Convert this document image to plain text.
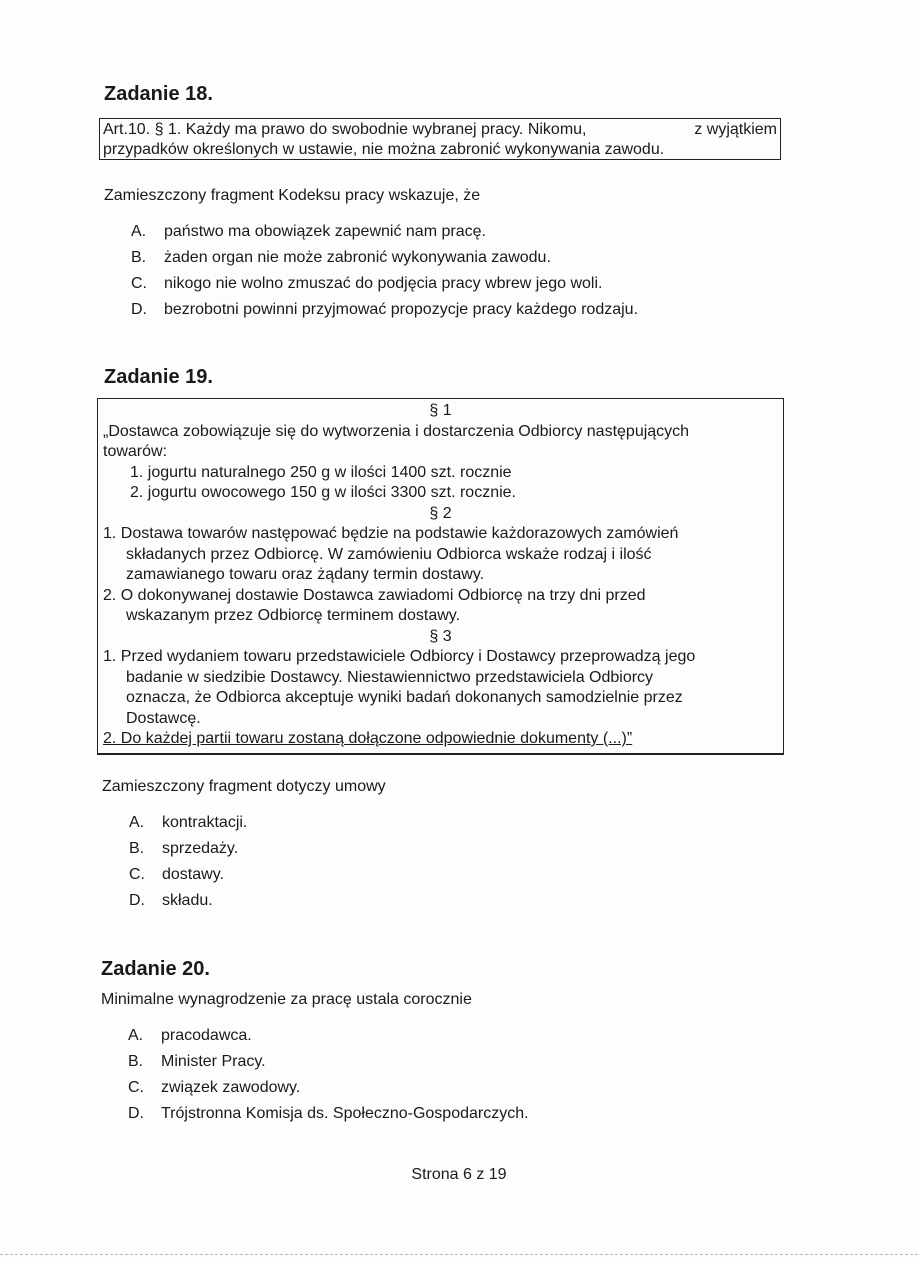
Zadanie 18.
Art.10. § 1. Każdy ma prawo do swobodnie wybranej pracy. Nikomu,	z wyjątkiem
przypadków określonych w ustawie, nie można zabronić wykonywania zawodu.

Zamieszczony fragment Kodeksu pracy wskazuje, że

A. państwo ma obowiązek zapewnić nam pracę.
B. żaden organ nie może zabronić wykonywania zawodu.
C. nikogo nie wolno zmuszać do podjęcia pracy wbrew jego woli.
D. bezrobotni powinni przyjmować propozycje pracy każdego rodzaju.
Zadanie 19.
§ 1
„Dostawca zobowiązuje się do wytworzenia i dostarczenia Odbiorcy następujących
towarów:
1. jogurtu naturalnego 250 g w ilości 1400 szt. rocznie
2. jogurtu owocowego 150 g w ilości 3300 szt. rocznie.
§ 2
1. Dostawa towarów następować będzie na podstawie każdorazowych zamówień
składanych przez Odbiorcę. W zamówieniu Odbiorca wskaże rodzaj i ilość
zamawianego towaru oraz żądany termin dostawy.
2. O dokonywanej dostawie Dostawca zawiadomi Odbiorcę na trzy dni przed
wskazanym przez Odbiorcę terminem dostawy.
§ 3
1. Przed wydaniem towaru przedstawiciele Odbiorcy i Dostawcy przeprowadzą jego
badanie w siedzibie Dostawcy. Niestawiennictwo przedstawiciela Odbiorcy
oznacza, że Odbiorca akceptuje wyniki badań dokonanych samodzielnie przez
Dostawcę.
2. Do każdej partii towaru zostaną dołączone odpowiednie dokumenty (...)”

Zamieszczony fragment dotyczy umowy

A. kontraktacji.
B. sprzedaży.
C. dostawy.
D. składu.
Zadanie 20.

Minimalne wynagrodzenie za pracę ustala corocznie

A. pracodawca.
B. Minister Pracy.
C. związek zawodowy.
D. Trójstronna Komisja ds. Społeczno-Gospodarczych.
Strona 6 z 19
